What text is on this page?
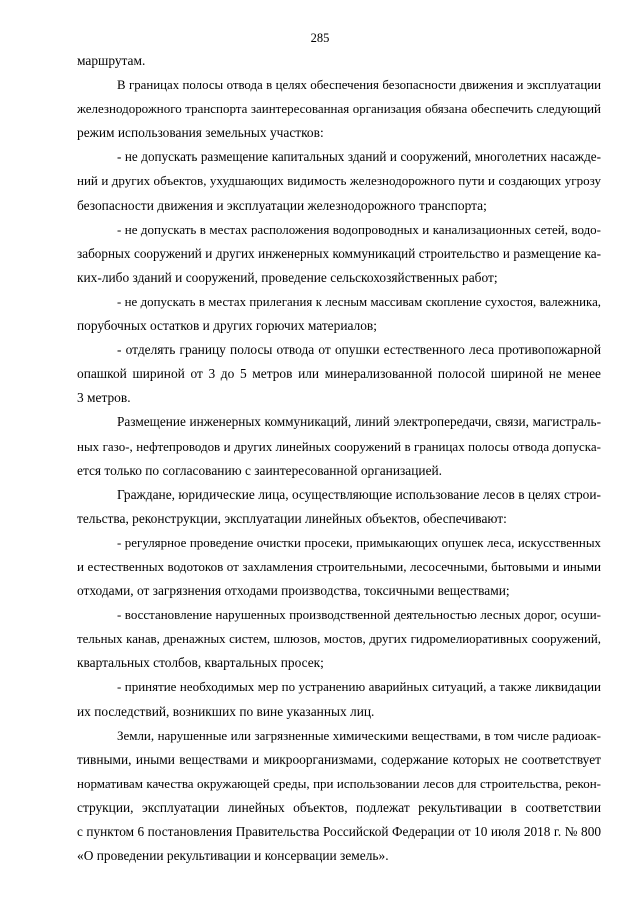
285
маршрутам.
В границах полосы отвода в целях обеспечения безопасности движения и эксплуатации
железнодорожного транспорта заинтересованная организация обязана обеспечить следующий
режим использования земельных участков:
- не допускать размещение капитальных зданий и сооружений, многолетних насажде-
ний и других объектов, ухудшающих видимость железнодорожного пути и создающих угрозу
безопасности движения и эксплуатации железнодорожного транспорта;
- не допускать в местах расположения водопроводных и канализационных сетей, водо-
заборных сооружений и других инженерных коммуникаций строительство и размещение ка-
ких-либо зданий и сооружений, проведение сельскохозяйственных работ;
- не допускать в местах прилегания к лесным массивам скопление сухостоя, валежника,
порубочных остатков и других горючих материалов;
- отделять границу полосы отвода от опушки естественного леса противопожарной
опашкой шириной от 3 до 5 метров или минерализованной полосой шириной не менее
3 метров.
Размещение инженерных коммуникаций, линий электропередачи, связи, магистраль-
ных газо-, нефтепроводов и других линейных сооружений в границах полосы отвода допуска-
ется только по согласованию с заинтересованной организацией.
Граждане, юридические лица, осуществляющие использование лесов в целях строи-
тельства, реконструкции, эксплуатации линейных объектов, обеспечивают:
- регулярное проведение очистки просеки, примыкающих опушек леса, искусственных
и естественных водотоков от захламления строительными, лесосечными, бытовыми и иными
отходами, от загрязнения отходами производства, токсичными веществами;
- восстановление нарушенных производственной деятельностью лесных дорог, осуши-
тельных канав, дренажных систем, шлюзов, мостов, других гидромелиоративных сооружений,
квартальных столбов, квартальных просек;
- принятие необходимых мер по устранению аварийных ситуаций, а также ликвидации
их последствий, возникших по вине указанных лиц.
Земли, нарушенные или загрязненные химическими веществами, в том числе радиоак-
тивными, иными веществами и микроорганизмами, содержание которых не соответствует
нормативам качества окружающей среды, при использовании лесов для строительства, рекон-
струкции, эксплуатации линейных объектов, подлежат рекультивации в соответствии
с пунктом 6 постановления Правительства Российской Федерации от 10 июля 2018 г. № 800
«О проведении рекультивации и консервации земель».
